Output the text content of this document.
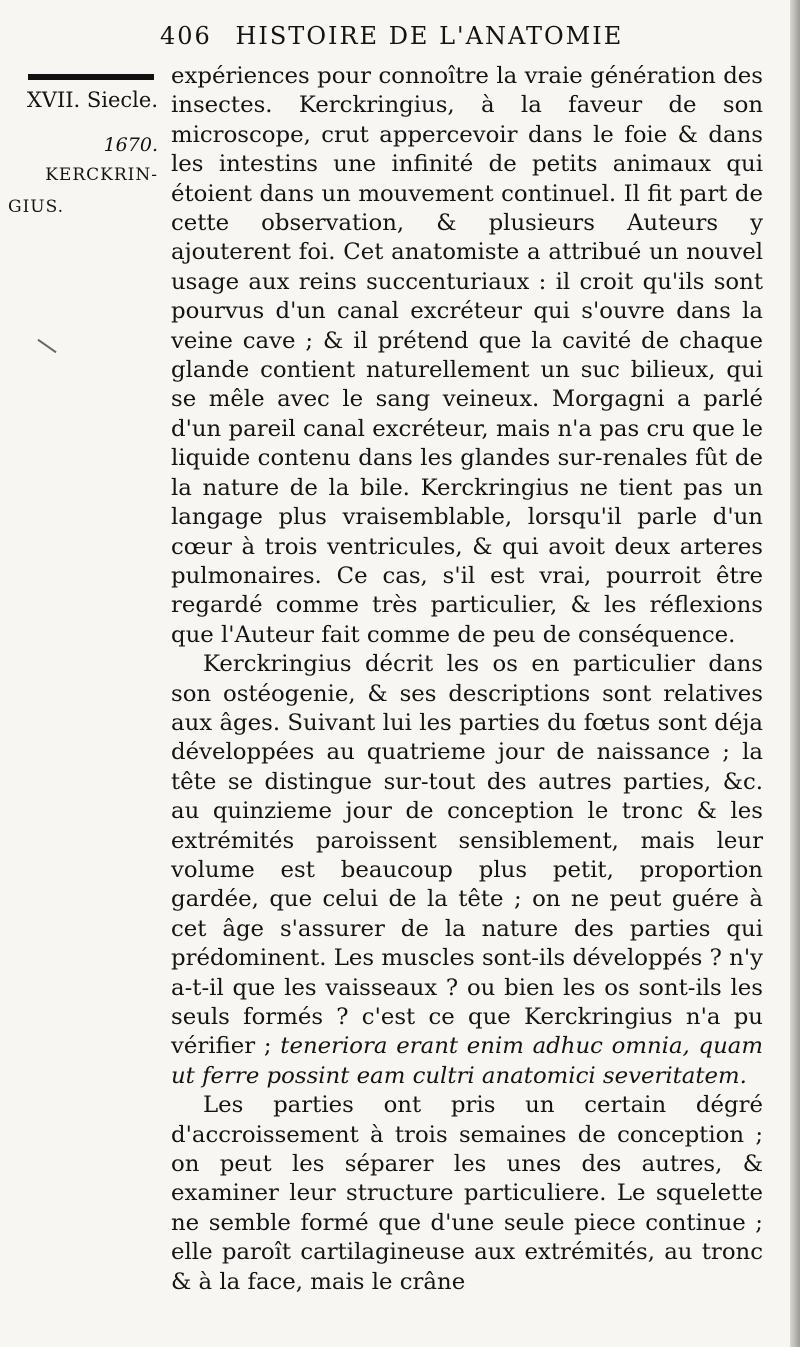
406 HISTOIRE DE L'ANATOMIE
XVII. Siecle.
1670.
KERCKRIN-
GIUS.

expériences pour connoître la vraie génération des insectes. Kerckringius, à la faveur de son microscope, crut appercevoir dans le foie & dans les intestins une infinité de petits animaux qui étoient dans un mouvement continuel. Il fit part de cette observation, & plusieurs Auteurs y ajouterent foi. Cet anatomiste a attribué un nouvel usage aux reins succenturiaux : il croit qu'ils sont pourvus d'un canal excréteur qui s'ouvre dans la veine cave ; & il prétend que la cavité de chaque glande contient naturellement un suc bilieux, qui se mêle avec le sang veineux. Morgagni a parlé d'un pareil canal excréteur, mais n'a pas cru que le liquide contenu dans les glandes sur-renales fût de la nature de la bile. Kerckringius ne tient pas un langage plus vraisemblable, lorsqu'il parle d'un cœur à trois ventricules, & qui avoit deux arteres pulmonaires. Ce cas, s'il est vrai, pourroit être regardé comme très particulier, & les réflexions que l'Auteur fait comme de peu de conséquence.

Kerckringius décrit les os en particulier dans son ostéogenie, & ses descriptions sont relatives aux âges. Suivant lui les parties du fœtus sont déja développées au quatrieme jour de naissance ; la tête se distingue sur-tout des autres parties, &c. au quinzieme jour de conception le tronc & les extrémités paroissent sensiblement, mais leur volume est beaucoup plus petit, proportion gardée, que celui de la tête ; on ne peut guére à cet âge s'assurer de la nature des parties qui prédominent. Les muscles sont-ils développés ? n'y a-t-il que les vaisseaux ? ou bien les os sont-ils les seuls formés ? c'est ce que Kerckringius n'a pu vérifier ; teneriora erant enim adhuc omnia, quam ut ferre possint eam cultri anatomici severitatem.

Les parties ont pris un certain dégré d'accroissement à trois semaines de conception ; on peut les séparer les unes des autres, & examiner leur structure particuliere. Le squelette ne semble formé que d'une seule piece continue ; elle paroît cartilagineuse aux extrémités, au tronc & à la face, mais le crâne
